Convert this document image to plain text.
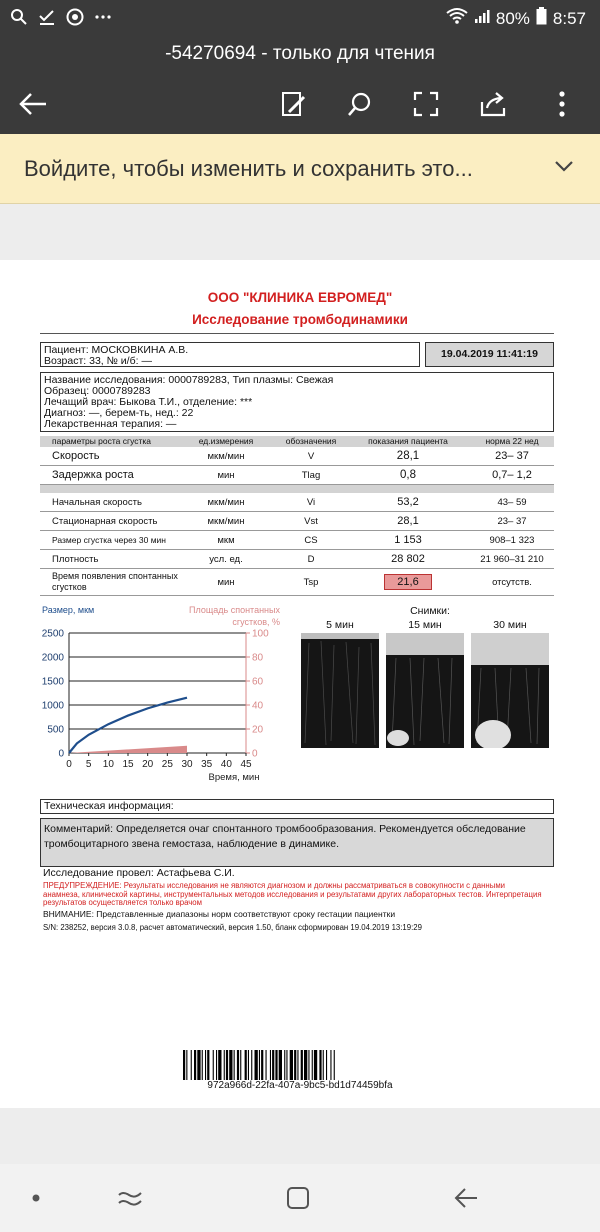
80% 8:57
-54270694 - только для чтения
Войдите, чтобы изменить и сохранить это...
ООО "КЛИНИКА ЕВРОМЕД"
Исследование тромбодинамики
Пациент: МОСКОВКИНА А.В.
Возраст: 33, № и/б: —
19.04.2019 11:41:19
Название исследования: 0000789283, Тип плазмы: Свежая
Образец: 0000789283
Лечащий врач: Быкова Т.И., отделение: ***
Диагноз: —, берем-ть, нед.: 22
Лекарственная терапия: —
параметры роста сгустка	ед.измерения	обозначения	показания пациента	норма 22 нед
Скорость	мкм/мин	V	28,1	23– 37
Задержка роста	мин	Tlag	0,8	0,7– 1,2
Начальная скорость	мкм/мин	Vi	53,2	43– 59
Стационарная скорость	мкм/мин	Vst	28,1	23– 37
Размер сгустка через 30 мин	мкм	CS	1 153	908–1 323
Плотность	усл. ед.	D	28 802	21 960–31 210
Время появления спонтанных
сгустков	мин	Tsp	21,6	отсутств.
0
500
1000
1500
2000
2500
0
20
40
60
80
100
0 5 10 15 20 25 30 35 40 45
Размер, мкм	Площадь спонтанных
сгустков, %
Время, мин
Снимки:
5 мин	15 мин	30 мин
Техническая информация:
Комментарий: Определяется очаг спонтанного тромбообразования. Рекомендуется обследование тромбоцитарного звена гемостаза, наблюдение в динамике.
Исследование провел: Астафьева С.И.
ПРЕДУПРЕЖДЕНИЕ: Результаты исследования не являются диагнозом и должны рассматриваться в совокупности с данными анамнеза, клинической картины, инструментальных методов исследования и результатами других лабораторных тестов. Интерпретация результатов осуществляется только врачом
ВНИМАНИЕ: Представленные диапазоны норм соответствуют сроку гестации пациентки
S/N: 238252, версия 3.0.8, расчет автоматический, версия 1.50, бланк сформирован 19.04.2019 13:19:29
972a966d-22fa-407a-9bc5-bd1d74459bfa
